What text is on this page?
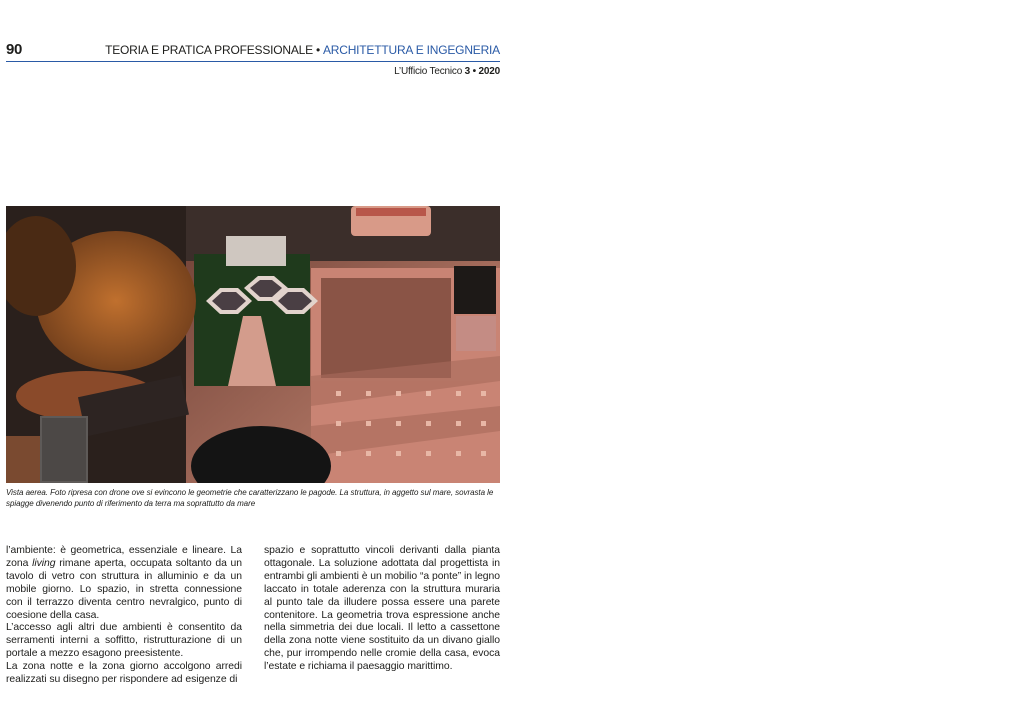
90	TEORIA E PRATICA PROFESSIONALE • ARCHITETTURA E INGEGNERIA
L’Ufficio Tecnico 3 • 2020
Vista aerea. Foto ripresa con drone ove si evincono le geometrie che caratterizzano le pagode. La struttura, in aggetto sul mare, sovrasta le spiagge divenendo punto di riferimento da terra ma soprattutto da mare

l’ambiente: è geometrica, essenziale e lineare. La zona living rimane aperta, occupata soltanto da un tavolo di vetro con struttura in alluminio e da un mobile giorno. Lo spazio, in stretta connessione con il terrazzo diventa centro nevralgico, punto di coesione della casa.

L’accesso agli altri due ambienti è consentito da serramenti interni a soffitto, ristrutturazione di un portale a mezzo esagono preesistente.

La zona notte e la zona giorno accolgono arredi realizzati su disegno per rispondere ad esigenze di

spazio e soprattutto vincoli derivanti dalla pianta ottagonale. La soluzione adottata dal progettista in entrambi gli ambienti è un mobilio “a ponte” in legno laccato in totale aderenza con la struttura muraria al punto tale da illudere possa essere una parete contenitore. La geometria trova espressione anche nella simmetria dei due locali. Il letto a cassettone della zona notte viene sostituito da un divano giallo che, pur irrompendo nelle cromie della casa, evoca l’estate e richiama il paesaggio marittimo.
